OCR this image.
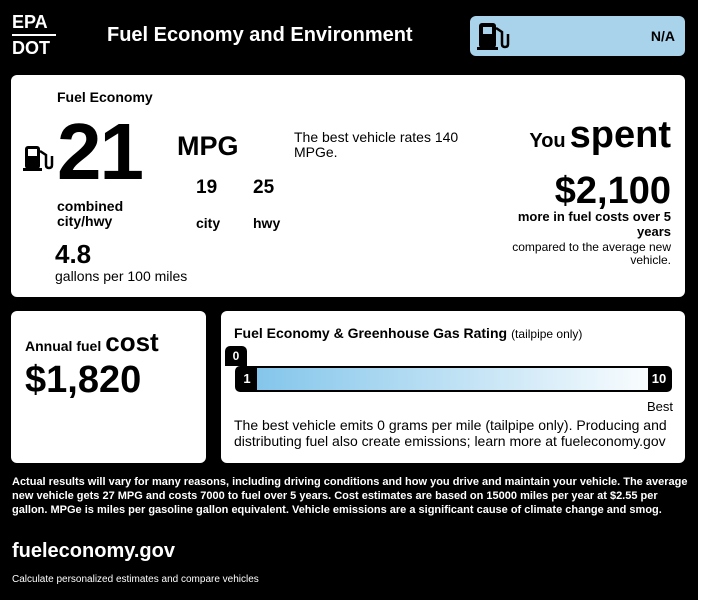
EPA
DOT
Fuel Economy and Environment	N/A
Fuel Economy
21 MPG
combined
city/hwy
19 25
city hwy
4.8
gallons per 100 miles
The best vehicle rates 140 MPGe.	You spent
$2,100
more in fuel costs over 5 years
compared to the average new vehicle.
Annual fuel cost
$1,820
Fuel Economy & Greenhouse Gas Rating (tailpipe only)
0
1	10
Best
The best vehicle emits 0 grams per mile (tailpipe only). Producing and distributing fuel also create emissions; learn more at fueleconomy.gov
Actual results will vary for many reasons, including driving conditions and how you drive and maintain your vehicle. The average new vehicle gets 27 MPG and costs 7000 to fuel over 5 years. Cost estimates are based on 15000 miles per year at $2.55 per gallon. MPGe is miles per gasoline gallon equivalent. Vehicle emissions are a significant cause of climate change and smog.
fueleconomy.gov
Calculate personalized estimates and compare vehicles
